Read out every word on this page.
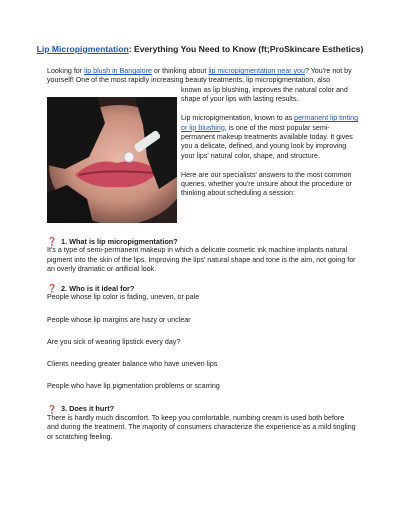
Lip Micropigmentation: Everything You Need to Know (ft;ProSkincare Esthetics)

Looking for lip blush in Bangalore or thinking about lip micropigmentation near you? You're not by yourself! One of the most rapidly increasing beauty treatments, lip micropigmentation, also

known as lip blushing, improves the natural color and shape of your lips with lasting results.

Lip micropigmentation, known to as permanent lip tinting or lip blushing, is one of the most popular semi-permanent makeup treatments available today. It gives you a delicate, defined, and young look by improving your lips' natural color, shape, and structure.

Here are our specialists' answers to the most common queries, whether you're unsure about the procedure or thinking about scheduling a session:

❓ 1. What is lip micropigmentation?

It's a type of semi-permanent makeup in which a delicate cosmetic ink machine implants natural pigment into the skin of the lips. Improving the lips' natural shape and tone is the aim, not going for an overly dramatic or artificial look.

❓ 2. Who is it ideal for?

People whose lip color is fading, uneven, or pale

People whose lip margins are hazy or unclear

Are you sick of wearing lipstick every day?

Clients needing greater balance who have uneven lips

People who have lip pigmentation problems or scarring

❓ 3. Does it hurt?

There is hardly much discomfort. To keep you comfortable, numbing cream is used both before and during the treatment. The majority of consumers characterize the experience as a mild tingling or scratching feeling.
